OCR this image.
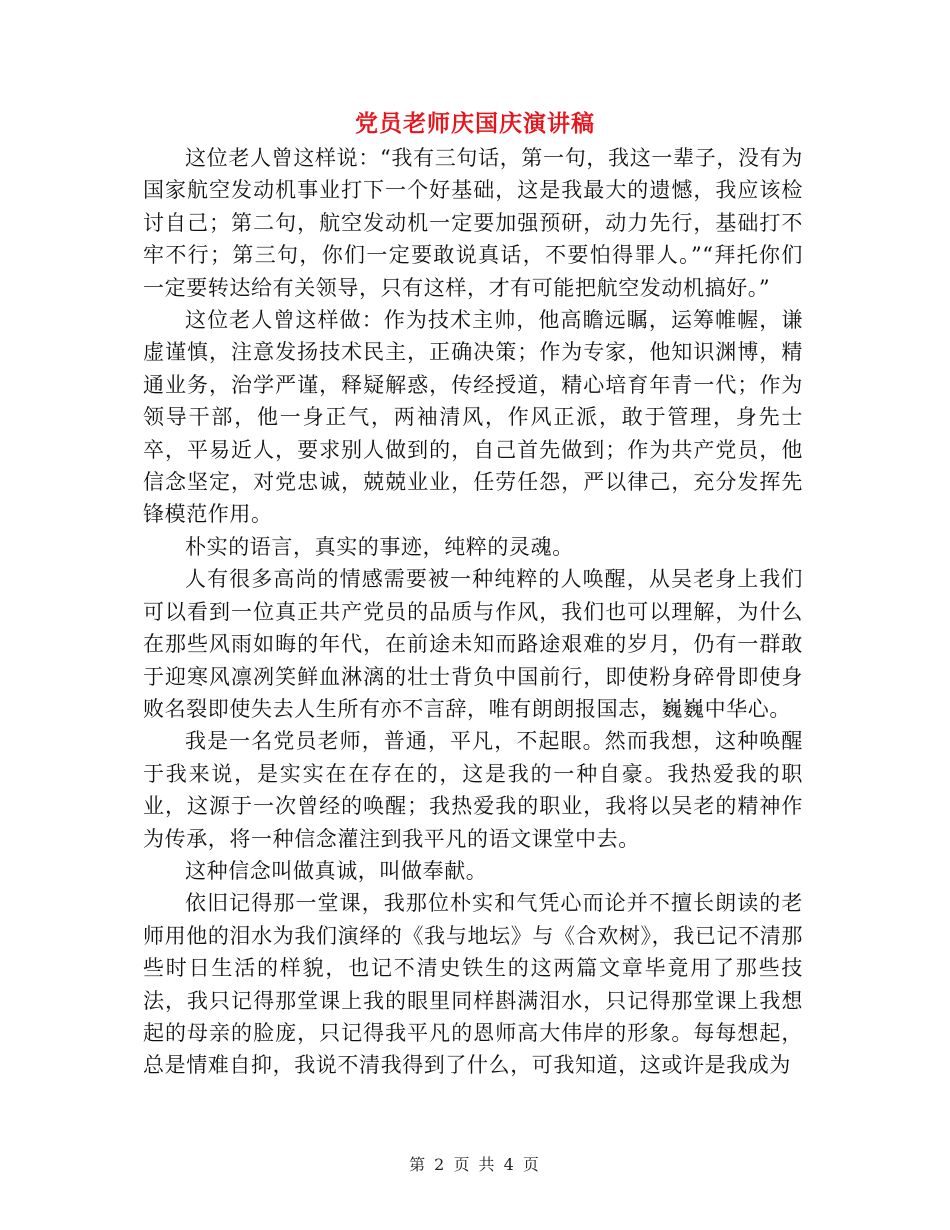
党员老师庆国庆演讲稿

这位老人曾这样说：“我有三句话，第一句，我这一辈子，没有为国家航空发动机事业打下一个好基础，这是我最大的遗憾，我应该检讨自己；第二句，航空发动机一定要加强预研，动力先行，基础打不牢不行；第三句，你们一定要敢说真话，不要怕得罪人。”“拜托你们一定要转达给有关领导，只有这样，才有可能把航空发动机搞好。”

这位老人曾这样做：作为技术主帅，他高瞻远瞩，运筹帷幄，谦虚谨慎，注意发扬技术民主，正确决策；作为专家，他知识渊博，精通业务，治学严谨，释疑解惑，传经授道，精心培育年青一代；作为领导干部，他一身正气，两袖清风，作风正派，敢于管理，身先士卒，平易近人，要求别人做到的，自己首先做到；作为共产党员，他信念坚定，对党忠诚，兢兢业业，任劳任怨，严以律己，充分发挥先锋模范作用。

朴实的语言，真实的事迹，纯粹的灵魂。

人有很多高尚的情感需要被一种纯粹的人唤醒，从吴老身上我们可以看到一位真正共产党员的品质与作风，我们也可以理解，为什么在那些风雨如晦的年代，在前途未知而路途艰难的岁月，仍有一群敢于迎寒风凛冽笑鲜血淋漓的壮士背负中国前行，即使粉身碎骨即使身败名裂即使失去人生所有亦不言辞，唯有朗朗报国志，巍巍中华心。

我是一名党员老师，普通，平凡，不起眼。然而我想，这种唤醒于我来说，是实实在在存在的，这是我的一种自豪。我热爱我的职业，这源于一次曾经的唤醒；我热爱我的职业，我将以吴老的精神作为传承，将一种信念灌注到我平凡的语文课堂中去。

这种信念叫做真诚，叫做奉献。

依旧记得那一堂课，我那位朴实和气凭心而论并不擅长朗读的老师用他的泪水为我们演绎的《我与地坛》与《合欢树》，我已记不清那些时日生活的样貌，也记不清史铁生的这两篇文章毕竟用了那些技法，我只记得那堂课上我的眼里同样斟满泪水，只记得那堂课上我想起的母亲的脸庞，只记得我平凡的恩师高大伟岸的形象。每每想起，总是情难自抑，我说不清我得到了什么，可我知道，这或许是我成为

第 2 页 共 4 页
